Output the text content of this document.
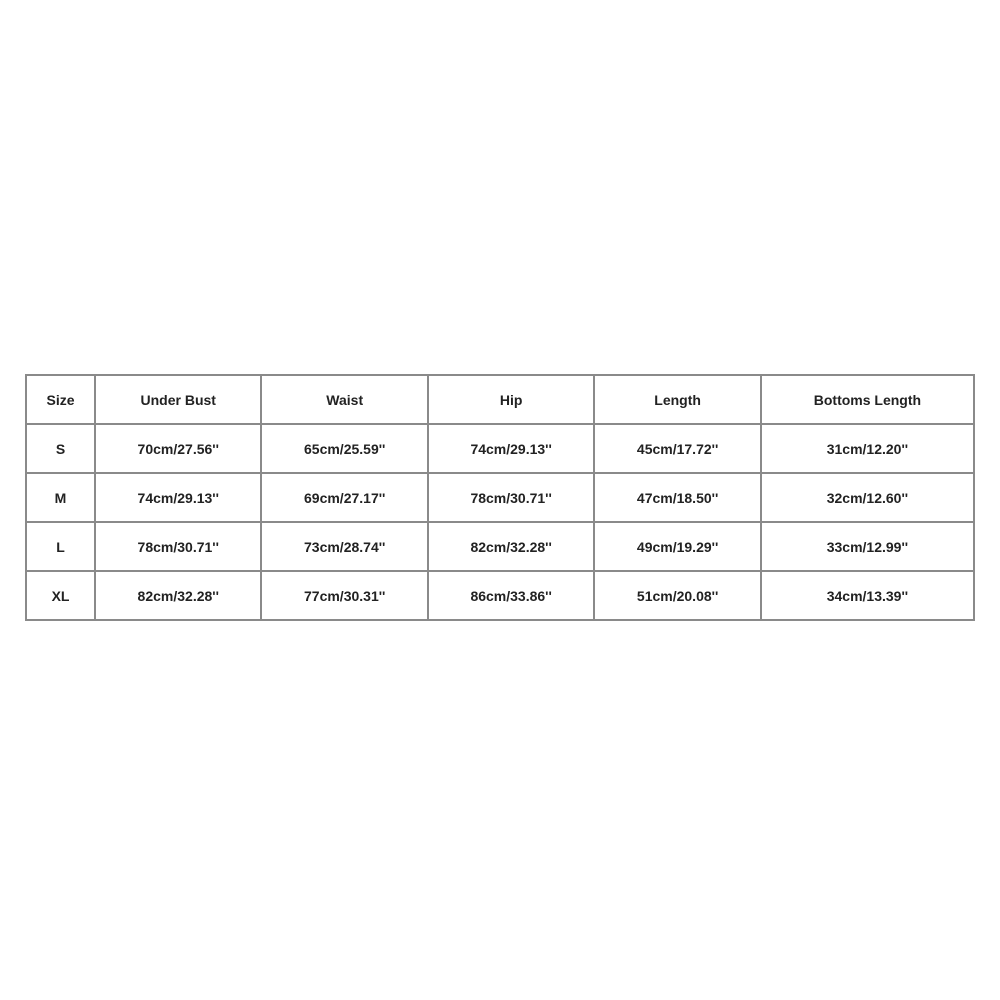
Size	Under Bust	Waist	Hip	Length	Bottoms Length
S	70cm/27.56''	65cm/25.59''	74cm/29.13''	45cm/17.72''	31cm/12.20''
M	74cm/29.13''	69cm/27.17''	78cm/30.71''	47cm/18.50''	32cm/12.60''
L	78cm/30.71''	73cm/28.74''	82cm/32.28''	49cm/19.29''	33cm/12.99''
XL	82cm/32.28''	77cm/30.31''	86cm/33.86''	51cm/20.08''	34cm/13.39''
